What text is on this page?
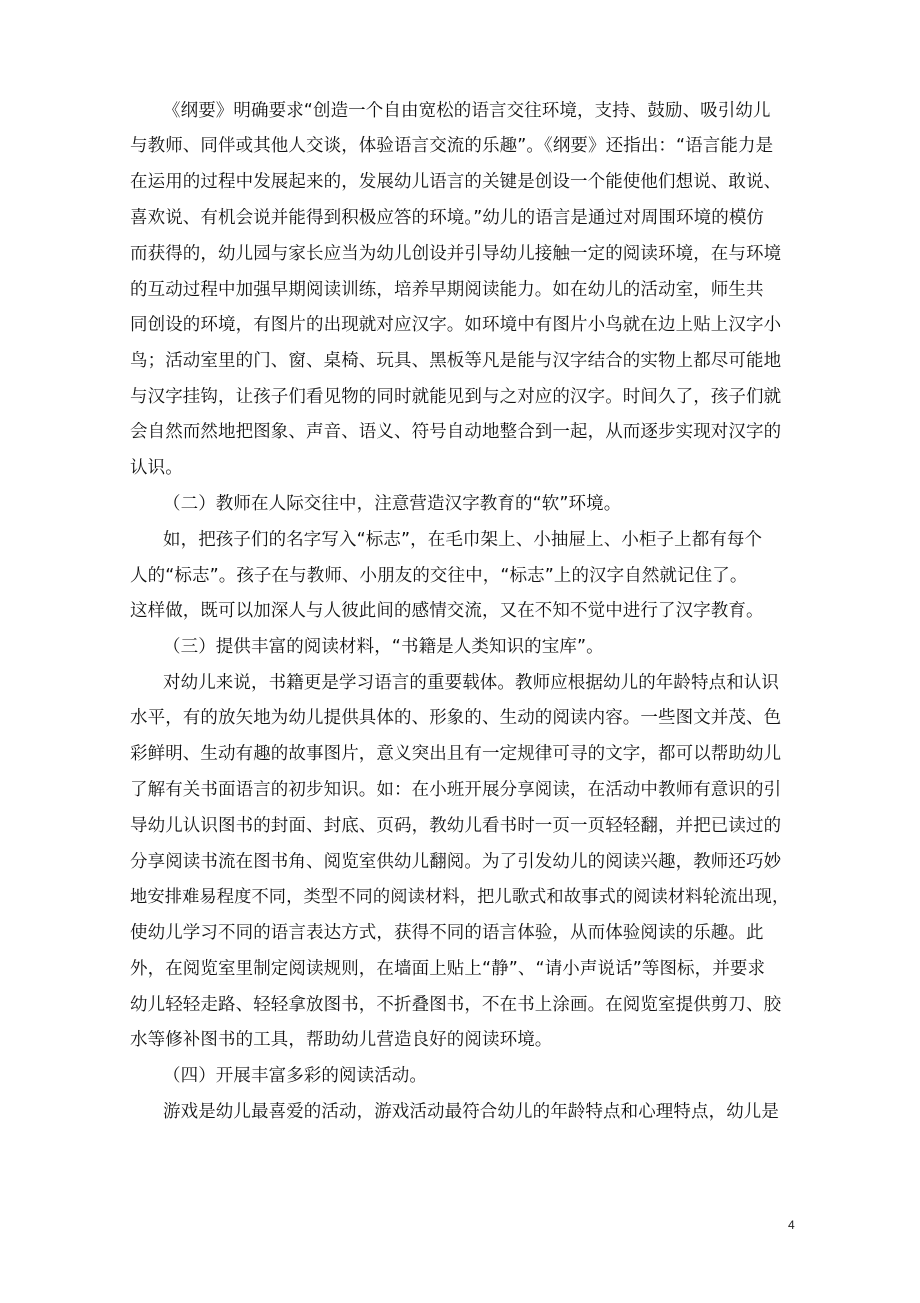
《纲要》明确要求“创造一个自由宽松的语言交往环境，支持、鼓励、吸引幼儿

与教师、同伴或其他人交谈，体验语言交流的乐趣”。《纲要》还指出：“语言能力是

在运用的过程中发展起来的，发展幼儿语言的关键是创设一个能使他们想说、敢说、

喜欢说、有机会说并能得到积极应答的环境。”幼儿的语言是通过对周围环境的模仿

而获得的，幼儿园与家长应当为幼儿创设并引导幼儿接触一定的阅读环境，在与环境

的互动过程中加强早期阅读训练，培养早期阅读能力。如在幼儿的活动室，师生共

同创设的环境，有图片的出现就对应汉字。如环境中有图片小鸟就在边上贴上汉字小

鸟；活动室里的门、窗、桌椅、玩具、黑板等凡是能与汉字结合的实物上都尽可能地

与汉字挂钩，让孩子们看见物的同时就能见到与之对应的汉字。时间久了，孩子们就

会自然而然地把图象、声音、语义、符号自动地整合到一起，从而逐步实现对汉字的

认识。

（二）教师在人际交往中，注意营造汉字教育的“软”环境。

如，把孩子们的名字写入“标志”，在毛巾架上、小抽屉上、小柜子上都有每个

人的“标志”。孩子在与教师、小朋友的交往中，“标志”上的汉字自然就记住了。

这样做，既可以加深人与人彼此间的感情交流，又在不知不觉中进行了汉字教育。

（三）提供丰富的阅读材料，“书籍是人类知识的宝库”。

对幼儿来说，书籍更是学习语言的重要载体。教师应根据幼儿的年龄特点和认识

水平，有的放矢地为幼儿提供具体的、形象的、生动的阅读内容。一些图文并茂、色

彩鲜明、生动有趣的故事图片，意义突出且有一定规律可寻的文字，都可以帮助幼儿

了解有关书面语言的初步知识。如：在小班开展分享阅读，在活动中教师有意识的引

导幼儿认识图书的封面、封底、页码，教幼儿看书时一页一页轻轻翻，并把已读过的

分享阅读书流在图书角、阅览室供幼儿翻阅。为了引发幼儿的阅读兴趣，教师还巧妙

地安排难易程度不同，类型不同的阅读材料，把儿歌式和故事式的阅读材料轮流出现，

使幼儿学习不同的语言表达方式，获得不同的语言体验，从而体验阅读的乐趣。此

外，在阅览室里制定阅读规则，在墙面上贴上“静”、“请小声说话”等图标，并要求

幼儿轻轻走路、轻轻拿放图书，不折叠图书，不在书上涂画。在阅览室提供剪刀、胶

水等修补图书的工具，帮助幼儿营造良好的阅读环境。

（四）开展丰富多彩的阅读活动。

游戏是幼儿最喜爱的活动，游戏活动最符合幼儿的年龄特点和心理特点，幼儿是

4
